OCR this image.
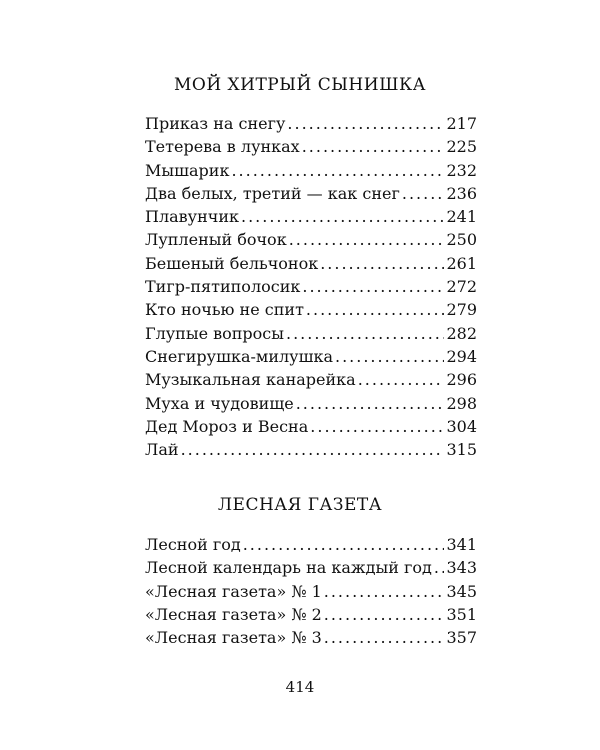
МОЙ ХИТРЫЙ СЫНИШКА
Приказ на снегу .....	217
Тетерева в лунках .....	225
Мышарик .....	232
Два белых, третий — как снег .....	236
Плавунчик .....	241
Лупленый бочок .....	250
Бешеный бельчонок .....	261
Тигр-пятиполосик .....	272
Кто ночью не спит .....	279
Глупые вопросы .....	282
Снегирушка-милушка .....	294
Музыкальная канарейка .....	296
Муха и чудовище .....	298
Дед Мороз и Весна .....	304
Лай .....	315
ЛЕСНАЯ ГАЗЕТА
Лесной год .....	341
Лесной календарь на каждый год ..... 343
«Лесная газета» № 1 .....	345
«Лесная газета» № 2 .....	351
«Лесная газета» № 3 .....	357
414
